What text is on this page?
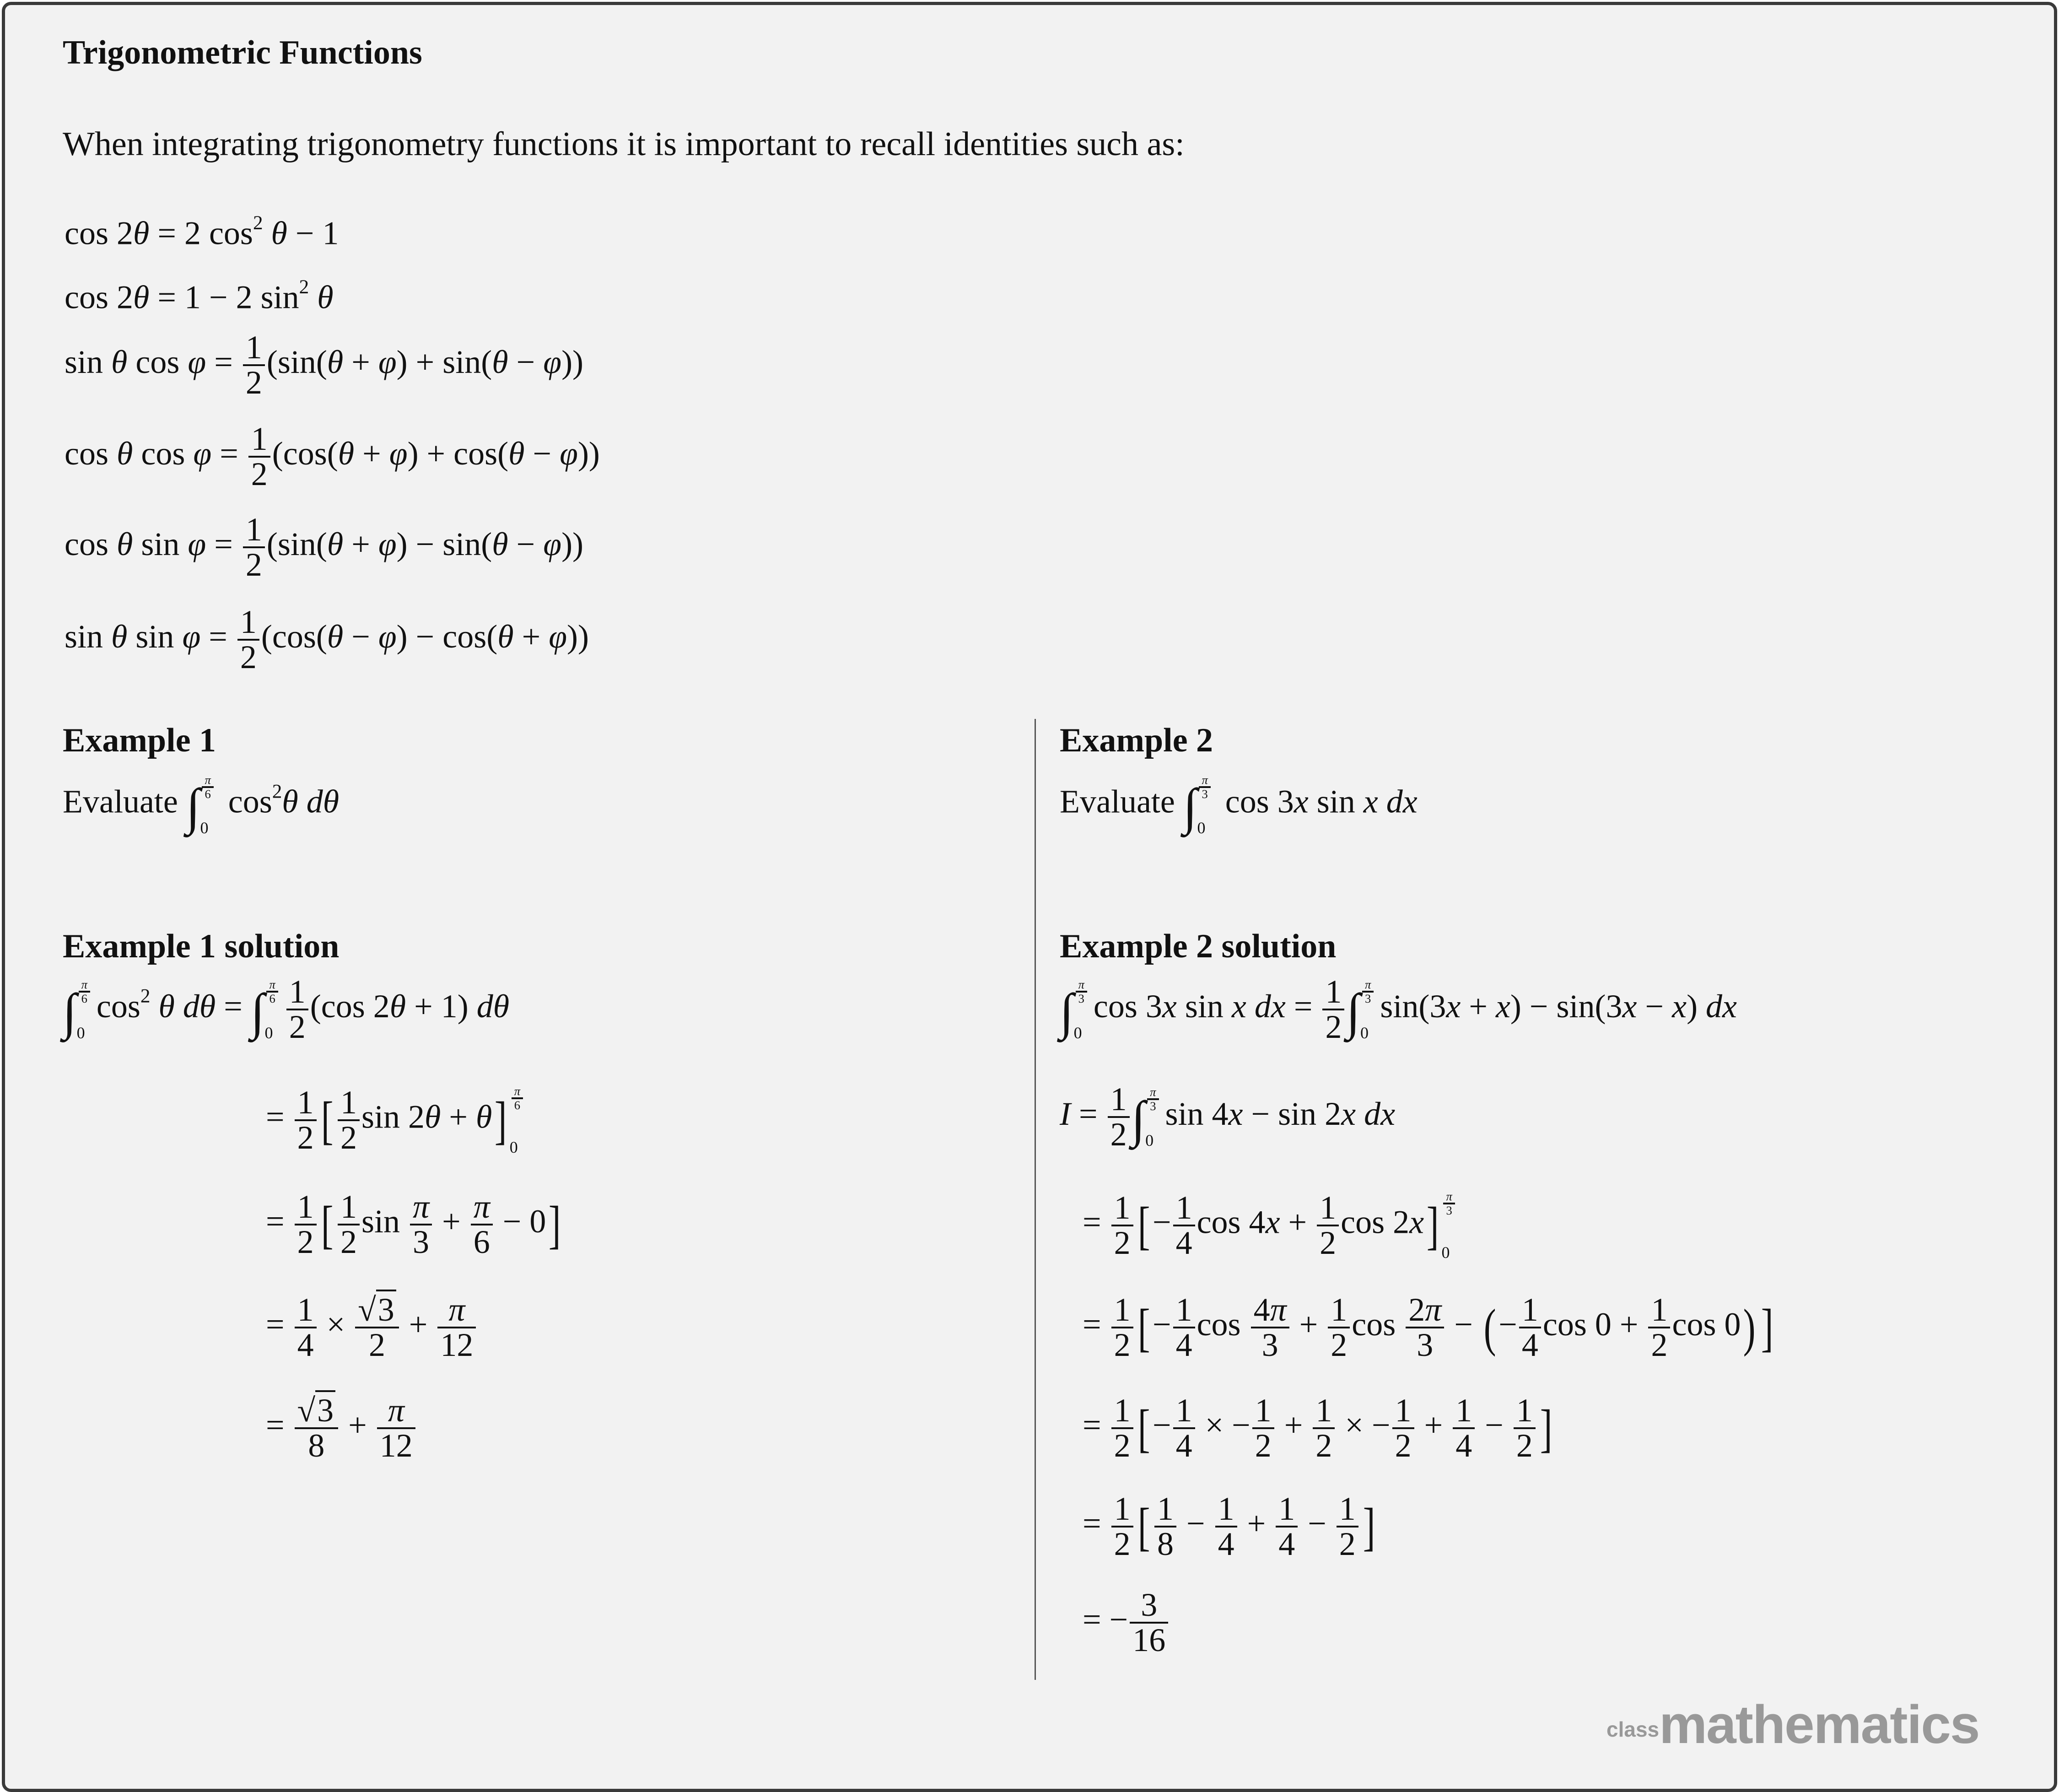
Trigonometric Functions
When integrating trigonometry functions it is important to recall identities such as:
cos 2θ = 2 $\cos^2 \theta - 1$
cos 2θ = 1 − 2 $\sin^2 \theta$
sin θ $\cos \varphi = \frac{1}{2} (\sin(\theta + \varphi) + \sin(\theta - \varphi))$
cos θ $\cos \varphi = \frac{1}{2} (\cos(\theta + \varphi) + \cos(\theta - \varphi))$
cos θ $\sin \varphi = \frac{1}{2} (\sin(\theta + \varphi) - \sin(\theta - \varphi))$
sin θ $\sin \varphi = \frac{1}{2} (\cos(\theta - \varphi) - \cos(\theta + \varphi))$
Example 1
Evaluate ∫ $\frac{\pi}{6}$
0
$\cos^2\theta$ dθ
Example 1 solution
∫ $\frac{\pi}{6}$
0
$\cos^2 \theta$ dθ = ∫ $\frac{\pi}{6}$
$0 \frac{1}{2} (\cos$ 2θ + 1) dθ
= $\frac{1}{2}$ [ $\frac{1}{2}$ $\sin 2\theta + \theta] \frac{\pi}{6}$
0
= $\frac{1}{2}$ [ $\frac{1}{2}$ $\sin \frac{\pi}{3} + \frac{\pi}{6} - 0$]
= $\frac{1}{4} \times \frac{√3}{2} + \frac{\pi}{12}$
= $\frac{√3}{8} + \frac{\pi}{12}$
Example 2
Evaluate ∫ $\frac{\pi}{3}$
0
cos 3x sin x dx
Example 2 solution
∫ $\frac{\pi}{3}$
0
cos 3x sin x dx = $\frac{1}{2}$ ∫ $\frac{\pi}{3}$
0
sin(3x + x) − sin(3x − x) dx
$I = \frac{1}{2}$ ∫ $\frac{\pi}{3}$
0
sin 4x − sin 2x dx
= $\frac{1}{2}$ [− $\frac{1}{4}$ $\cos 4x + \frac{1}{2}$ $\cos 2x] \frac{\pi}{3}$
0
= $\frac{1}{2}$ [− $\frac{1}{4}$ $\cos \frac{4\pi}{3} + \frac{1}{2}$ $\cos \frac{2\pi}{3}$ − (− $\frac{1}{4}$ $\cos 0 + \frac{1}{2}$ cos 0)]
= $\frac{1}{2}$ [− $\frac{1}{4}$ × − $\frac{1}{2} + \frac{1}{2}$ × − $\frac{1}{2} + \frac{1}{4} - \frac{1}{2}$ ]
= $\frac{1}{2}$ [ $\frac{1}{8} - \frac{1}{4} + \frac{1}{4} - \frac{1}{2}$ ]
= − $\frac{3}{16}$
classmathematics
